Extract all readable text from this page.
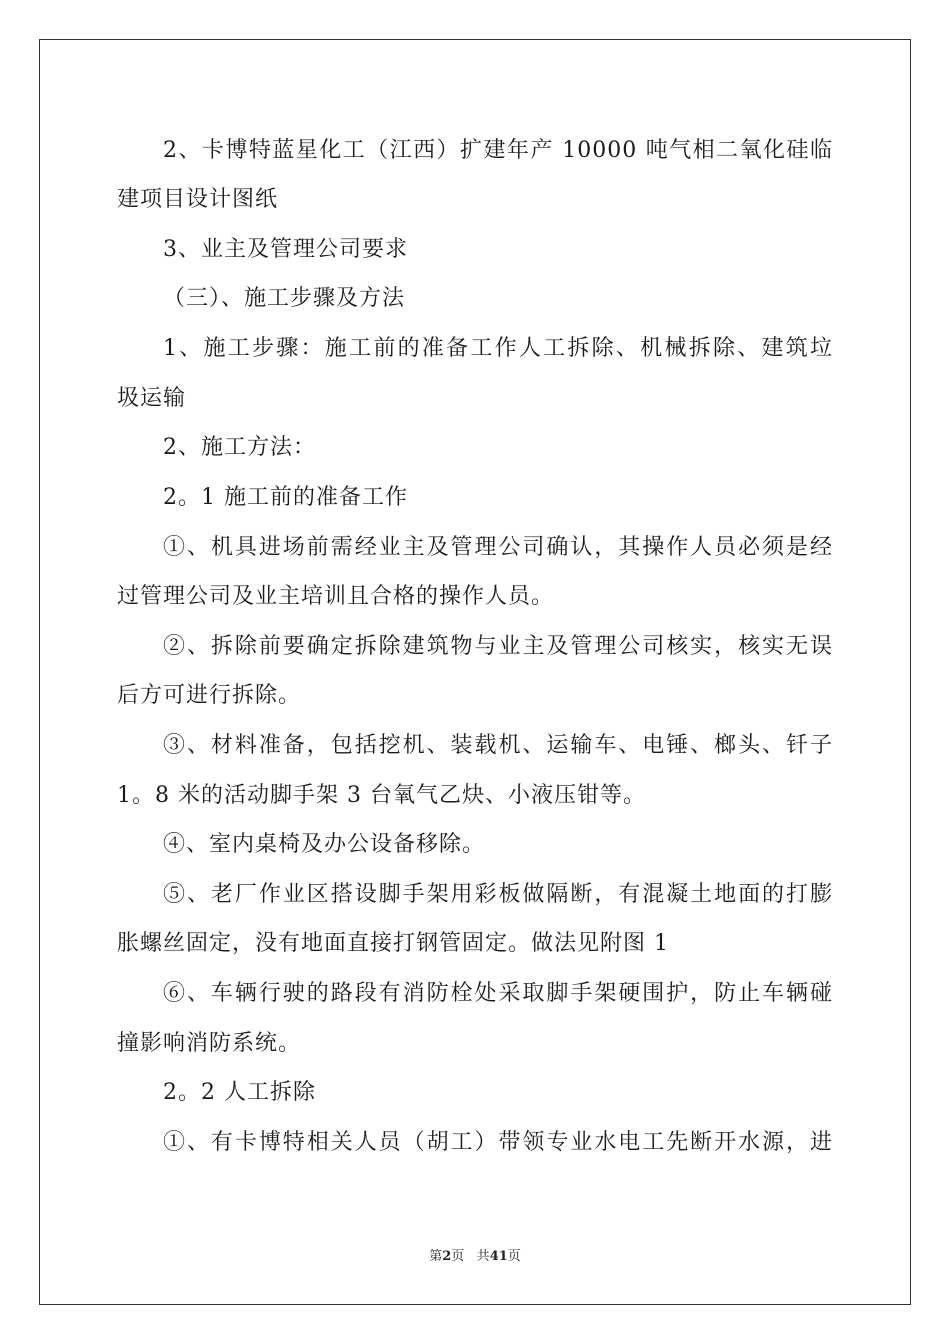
2、卡博特蓝星化工（江西）扩建年产 10000 吨气相二氧化硅临
建项目设计图纸
3、业主及管理公司要求
（三）、施工步骤及方法
1、施工步骤：施工前的准备工作人工拆除、机械拆除、建筑垃
圾运输
2、施工方法：
2。1 施工前的准备工作
①、机具进场前需经业主及管理公司确认，其操作人员必须是经
过管理公司及业主培训且合格的操作人员。
②、拆除前要确定拆除建筑物与业主及管理公司核实，核实无误
后方可进行拆除。
③、材料准备，包括挖机、装载机、运输车、电锤、榔头、钎子
1。8 米的活动脚手架 3 台氧气乙炔、小液压钳等。
④、室内桌椅及办公设备移除。
⑤、老厂作业区搭设脚手架用彩板做隔断，有混凝土地面的打膨
胀螺丝固定，没有地面直接打钢管固定。做法见附图 1
⑥、车辆行驶的路段有消防栓处采取脚手架硬围护，防止车辆碰
撞影响消防系统。
2。2 人工拆除
①、有卡博特相关人员（胡工）带领专业水电工先断开水源，进
第2页 共41页
